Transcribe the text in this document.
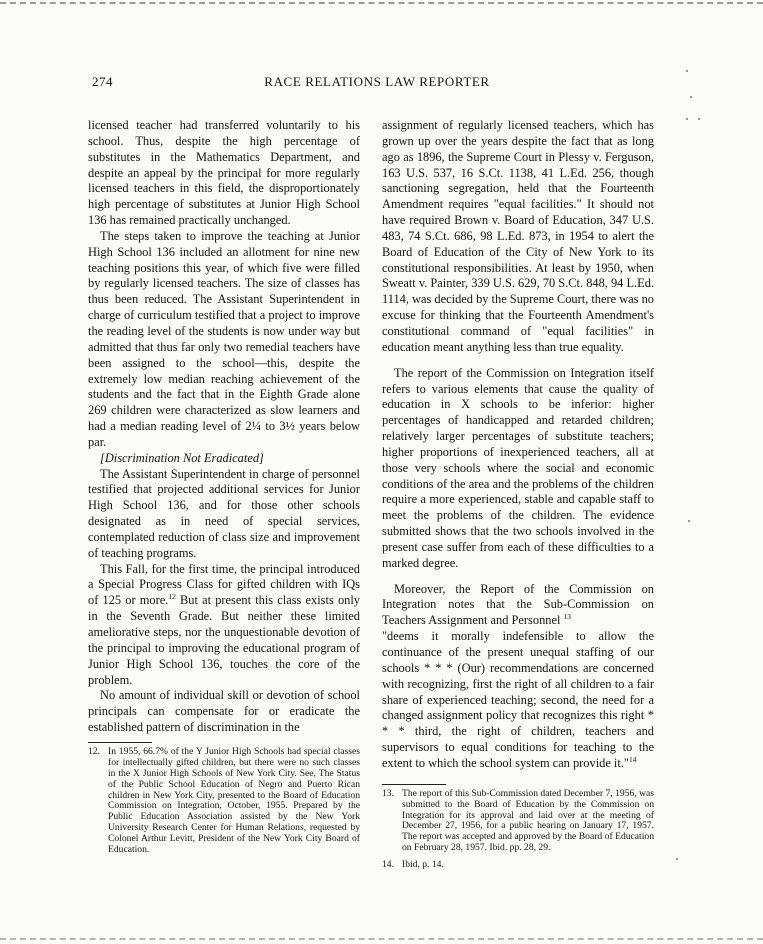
274	RACE RELATIONS LAW REPORTER

licensed teacher had transferred voluntarily to his school. Thus, despite the high percentage of substitutes in the Mathematics Department, and despite an appeal by the principal for more regularly licensed teachers in this field, the disproportionately high percentage of substitutes at Junior High School 136 has remained practically unchanged.

The steps taken to improve the teaching at Junior High School 136 included an allotment for nine new teaching positions this year, of which five were filled by regularly licensed teachers. The size of classes has thus been reduced. The Assistant Superintendent in charge of curriculum testified that a project to improve the reading level of the students is now under way but admitted that thus far only two remedial teachers have been assigned to the school—this, despite the extremely low median reaching achievement of the students and the fact that in the Eighth Grade alone 269 children were characterized as slow learners and had a median reading level of 2¼ to 3½ years below par.

[Discrimination Not Eradicated]

The Assistant Superintendent in charge of personnel testified that projected additional services for Junior High School 136, and for those other schools designated as in need of special services, contemplated reduction of class size and improvement of teaching programs.

This Fall, for the first time, the principal introduced a Special Progress Class for gifted children with IQs of 125 or more.$^{12}$ But at present this class exists only in the Seventh Grade. But neither these limited ameliorative steps, nor the unquestionable devotion of the principal to improving the educational program of Junior High School 136, touches the core of the problem.

No amount of individual skill or devotion of school principals can compensate for or eradicate the established pattern of discrimination in the

12. In 1955, 66.7% of the Y Junior High Schools had special classes for intellectually gifted children, but there were no such classes in the X Junior High Schools of New York City. See, The Status of the Public School Education of Negro and Puerto Rican children in New York City, presented to the Board of Education Commission on Integration, October, 1955. Prepared by the Public Education Association assisted by the New York University Research Center for Human Relations, requested by Colonel Arthur Levitt, President of the New York City Board of Education.

assignment of regularly licensed teachers, which has grown up over the years despite the fact that as long ago as 1896, the Supreme Court in Plessy v. Ferguson, 163 U.S. 537, 16 S.Ct. 1138, 41 L.Ed. 256, though sanctioning segregation, held that the Fourteenth Amendment requires "equal facilities." It should not have required Brown v. Board of Education, 347 U.S. 483, 74 S.Ct. 686, 98 L.Ed. 873, in 1954 to alert the Board of Education of the City of New York to its constitutional responsibilities. At least by 1950, when Sweatt v. Painter, 339 U.S. 629, 70 S.Ct. 848, 94 L.Ed. 1114, was decided by the Supreme Court, there was no excuse for thinking that the Fourteenth Amendment's constitutional command of "equal facilities" in education meant anything less than true equality.

The report of the Commission on Integration itself refers to various elements that cause the quality of education in X schools to be inferior: higher percentages of handicapped and retarded children; relatively larger percentages of substitute teachers; higher proportions of inexperienced teachers, all at those very schools where the social and economic conditions of the area and the problems of the children require a more experienced, stable and capable staff to meet the problems of the children. The evidence submitted shows that the two schools involved in the present case suffer from each of these difficulties to a marked degree.

Moreover, the Report of the Commission on Integration notes that the Sub-Commission on Teachers Assignment and Personnel $^{13}$

"deems it morally indefensible to allow the continuance of the present unequal staffing of our schools * * * (Our) recommendations are concerned with recognizing, first the right of all children to a fair share of experienced teaching; second, the need for a changed assignment policy that recognizes this right * * * third, the right of children, teachers and supervisors to equal conditions for teaching to the extent to which the school system can provide it."$^{14}$

13. The report of this Sub-Commission dated December 7, 1956, was submitted to the Board of Education by the Commission on Integration for its approval and laid over at the meeting of December 27, 1956, for a public hearing on January 17, 1957. The report was accepted and approved by the Board of Education on February 28, 1957. Ibid. pp. 28, 29.
14. Ibid, p. 14.
